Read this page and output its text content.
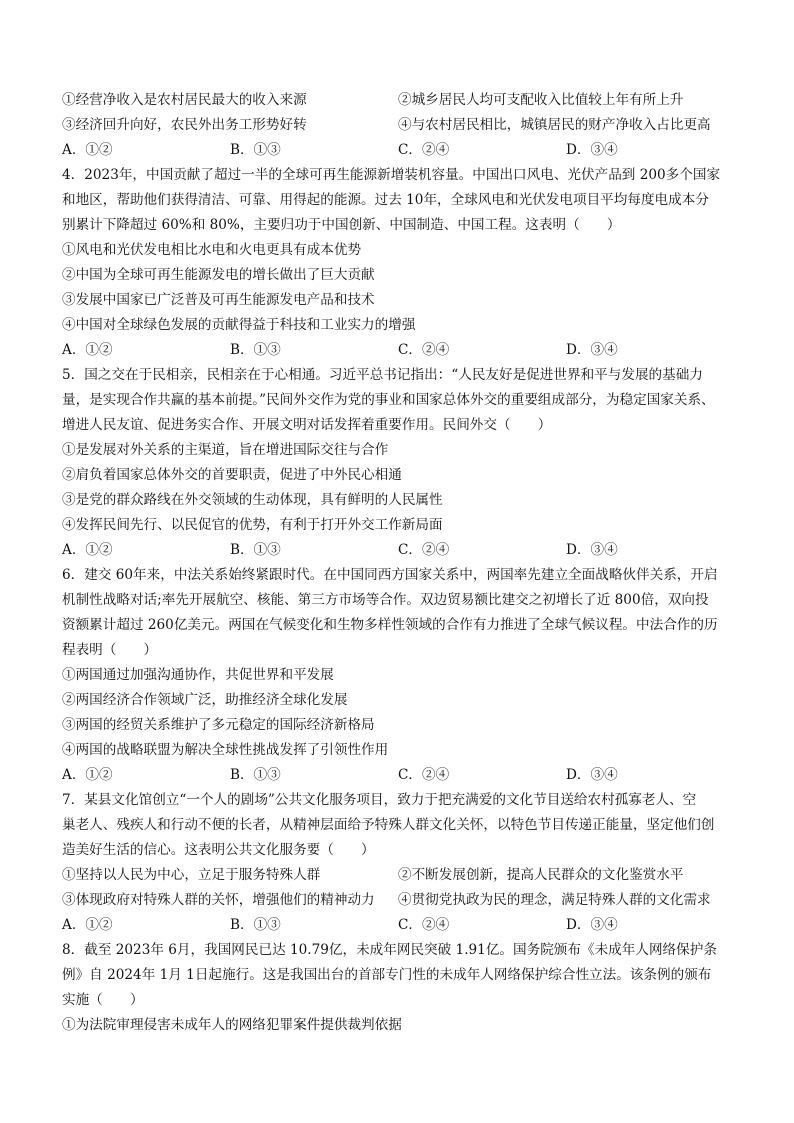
①经营净收入是农村居民最大的收入来源	②城乡居民人均可支配收入比值较上年有所上升
③经济回升向好，农民外出务工形势好转	④与农村居民相比，城镇居民的财产净收入占比更高
A．①②	B．①③	C．②④	D．③④
4．2023年，中国贡献了超过一半的全球可再生能源新增装机容量。中国出口风电、光伏产品到 200多个国家
和地区，帮助他们获得清洁、可靠、用得起的能源。过去 10年，全球风电和光伏发电项目平均每度电成本分
别累计下降超过 60%和 80%，主要归功于中国创新、中国制造、中国工程。这表明（　　）
①风电和光伏发电相比水电和火电更具有成本优势
②中国为全球可再生能源发电的增长做出了巨大贡献
③发展中国家已广泛普及可再生能源发电产品和技术
④中国对全球绿色发展的贡献得益于科技和工业实力的增强
A．①②	B．①③	C．②④	D．③④
5．国之交在于民相亲，民相亲在于心相通。习近平总书记指出：“人民友好是促进世界和平与发展的基础力
量，是实现合作共赢的基本前提。”民间外交作为党的事业和国家总体外交的重要组成部分，为稳定国家关系、
增进人民友谊、促进务实合作、开展文明对话发挥着重要作用。民间外交（　　）
①是发展对外关系的主渠道，旨在增进国际交往与合作
②肩负着国家总体外交的首要职责，促进了中外民心相通
③是党的群众路线在外交领域的生动体现，具有鲜明的人民属性
④发挥民间先行、以民促官的优势，有利于打开外交工作新局面
A．①②	B．①③	C．②④	D．③④
6．建交 60年来，中法关系始终紧跟时代。在中国同西方国家关系中，两国率先建立全面战略伙伴关系，开启
机制性战略对话;率先开展航空、核能、第三方市场等合作。双边贸易额比建交之初增长了近 800倍，双向投
资额累计超过 260亿美元。两国在气候变化和生物多样性领域的合作有力推进了全球气候议程。中法合作的历
程表明（　　）
①两国通过加强沟通协作，共促世界和平发展
②两国经济合作领域广泛，助推经济全球化发展
③两国的经贸关系维护了多元稳定的国际经济新格局
④两国的战略联盟为解决全球性挑战发挥了引领性作用
A．①②	B．①③	C．②④	D．③④
7．某县文化馆创立“一个人的剧场”公共文化服务项目，致力于把充满爱的文化节目送给农村孤寡老人、空
巢老人、残疾人和行动不便的长者，从精神层面给予特殊人群文化关怀，以特色节目传递正能量，坚定他们创
造美好生活的信心。这表明公共文化服务要（　　）
①坚持以人民为中心，立足于服务特殊人群	②不断发展创新，提高人民群众的文化鉴赏水平
③体现政府对特殊人群的关怀，增强他们的精神动力 ④贯彻党执政为民的理念，满足特殊人群的文化需求
A．①②	B．①③	C．②④	D．③④
8．截至 2023年 6月，我国网民已达 10.79亿，未成年网民突破 1.91亿。国务院颁布《未成年人网络保护条
例》自 2024年 1月 1日起施行。这是我国出台的首部专门性的未成年人网络保护综合性立法。该条例的颁布
实施（　　）
①为法院审理侵害未成年人的网络犯罪案件提供裁判依据
